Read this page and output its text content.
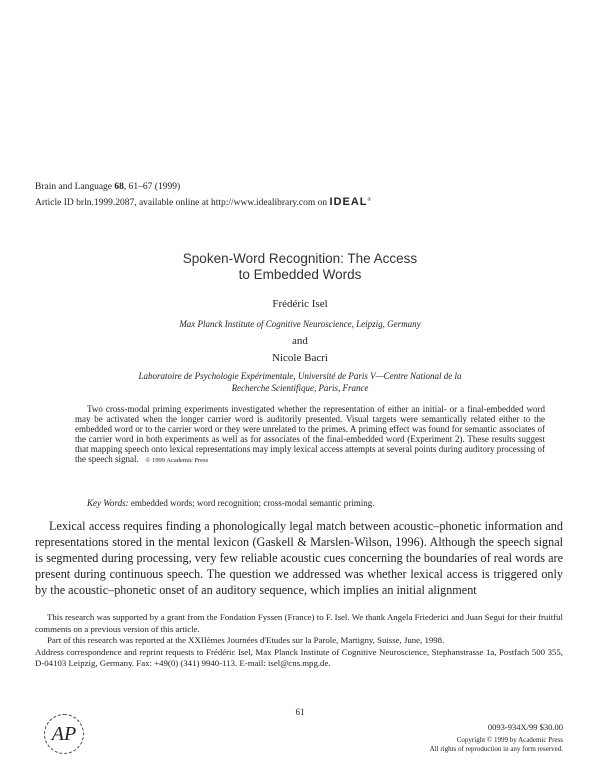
Brain and Language 68, 61–67 (1999)
Article ID brln.1999.2087, available online at http://www.idealibrary.com on IDEAL®
Spoken-Word Recognition: The Access
to Embedded Words
Frédéric Isel
Max Planck Institute of Cognitive Neuroscience, Leipzig, Germany
and
Nicole Bacri
Laboratoire de Psychologie Expérimentale, Université de Paris V—Centre National de la
Recherche Scientifique, Paris, France
Two cross-modal priming experiments investigated whether the representation of either an initial- or a final-embedded word may be activated when the longer carrier word is auditorily presented. Visual targets were semantically related either to the embedded word or to the carrier word or they were unrelated to the primes. A priming effect was found for semantic associates of the carrier word in both experiments as well as for associates of the final-embedded word (Experiment 2). These results suggest that mapping speech onto lexical representations may imply lexical access attempts at several points during auditory processing of the speech signal. © 1999 Academic Press
Key Words: embedded words; word recognition; cross-modal semantic priming.
Lexical access requires finding a phonologically legal match between acoustic–phonetic information and representations stored in the mental lexicon (Gaskell & Marslen-Wilson, 1996). Although the speech signal is segmented during processing, very few reliable acoustic cues concerning the boundaries of real words are present during continuous speech. The question we addressed was whether lexical access is triggered only by the acoustic–phonetic onset of an auditory sequence, which implies an initial alignment

This research was supported by a grant from the Fondation Fyssen (France) to F. Isel. We thank Angela Friederici and Juan Segui for their fruitful comments on a previous version of this article.

Part of this research was reported at the XXIIèmes Journées d'Etudes sur la Parole, Martigny, Suisse, June, 1998.

Address correspondence and reprint requests to Frédéric Isel, Max Planck Institute of Cognitive Neuroscience, Stephanstrasse 1a, Postfach 500 355, D-04103 Leipzig, Germany. Fax: +49(0) (341) 9940-113. E-mail: isel@cns.mpg.de.

61
AP	0093-934X/99 $30.00
Copyright © 1999 by Academic Press
All rights of reproduction in any form reserved.
